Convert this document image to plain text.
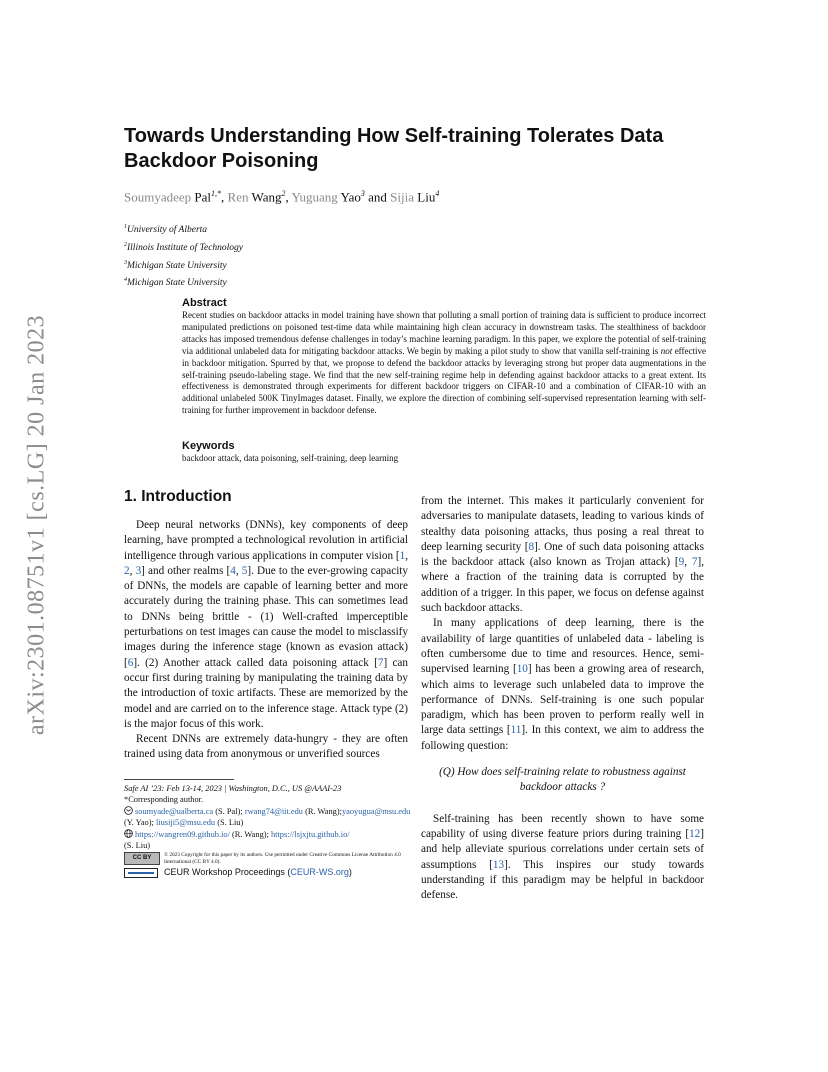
arXiv:2301.08751v1 [cs.LG] 20 Jan 2023
Towards Understanding How Self-training Tolerates Data Backdoor Poisoning
Soumyadeep Pal$^{1,*}$, Ren Wang$^2$, Yuguang Yao$^3$ and Sijia Liu$^4$
$^1$University of Alberta
$^2$Illinois Institute of Technology
$^3$Michigan State University
$^4$Michigan State University

Abstract

Recent studies on backdoor attacks in model training have shown that polluting a small portion of training data is sufficient to produce incorrect manipulated predictions on poisoned test-time data while maintaining high clean accuracy in downstream tasks. The stealthiness of backdoor attacks has imposed tremendous defense challenges in today’s machine learning paradigm. In this paper, we explore the potential of self-training via additional unlabeled data for mitigating backdoor attacks. We begin by making a pilot study to show that vanilla self-training is not effective in backdoor mitigation. Spurred by that, we propose to defend the backdoor attacks by leveraging strong but proper data augmentations in the self-training pseudo-labeling stage. We find that the new self-training regime help in defending against backdoor attacks to a great extent. Its effectiveness is demonstrated through experiments for different backdoor triggers on CIFAR-10 and a combination of CIFAR-10 with an additional unlabeled 500K TinyImages dataset. Finally, we explore the direction of combining self-supervised representation learning with self-training for further improvement in backdoor defense.

Keywords

backdoor attack, data poisoning, self-training, deep learning
1. Introduction

Deep neural networks (DNNs), key components of deep learning, have prompted a technological revolution in artificial intelligence through various applications in computer vision [1, 2, 3] and other realms [4, 5]. Due to the ever-growing capacity of DNNs, the models are capable of learning better and more accurately during the training phase. This can sometimes lead to DNNs being brittle - (1) Well-crafted imperceptible perturbations on test images can cause the model to misclassify images during the inference stage (known as evasion attack) [6]. (2) Another attack called data poisoning attack [7] can occur first during training by manipulating the training data by the introduction of toxic artifacts. These are memorized by the model and are carried on to the inference stage. Attack type (2) is the major focus of this work.

Recent DNNs are extremely data-hungry - they are often trained using data from anonymous or unverified sources

from the internet. This makes it particularly convenient for adversaries to manipulate datasets, leading to various kinds of stealthy data poisoning attacks, thus posing a real threat to deep learning security [8]. One of such data poisoning attacks is the backdoor attack (also known as Trojan attack) [9, 7], where a fraction of the training data is corrupted by the addition of a trigger. In this paper, we focus on defense against such backdoor attacks.

In many applications of deep learning, there is the availability of large quantities of unlabeled data - labeling is often cumbersome due to time and resources. Hence, semi-supervised learning [10] has been a growing area of research, which aims to leverage such unlabeled data to improve the performance of DNNs. Self-training is one such popular paradigm, which has been proven to perform really well in large data settings [11]. In this context, we aim to address the following question:

(Q) How does self-training relate to robustness against backdoor attacks ?

Self-training has been recently shown to have some capability of using diverse feature priors during training [12] and help alleviate spurious correlations under certain sets of assumptions [13]. This inspires our study towards understanding if this paradigm may be helpful in backdoor defense.

Safe AI ’23: Feb 13-14, 2023 | Washington, D.C., US @AAAI-23

*Corresponding author.

soumyade@ualberta.ca (S. Pal); rwang74@iit.edu (R. Wang);yaoyugua@msu.edu (Y. Yao); liusiji5@msu.edu (S. Liu)

https://wangren09.github.io/ (R. Wang); https://lsjxjtu.github.io/

(S. Liu)

CC BY	© 2023 Copyright for this paper by its authors. Use permitted under Creative Commons License Attribution 4.0 International (CC BY 4.0).
CEUR Workshop Proceedings (CEUR-WS.org)
